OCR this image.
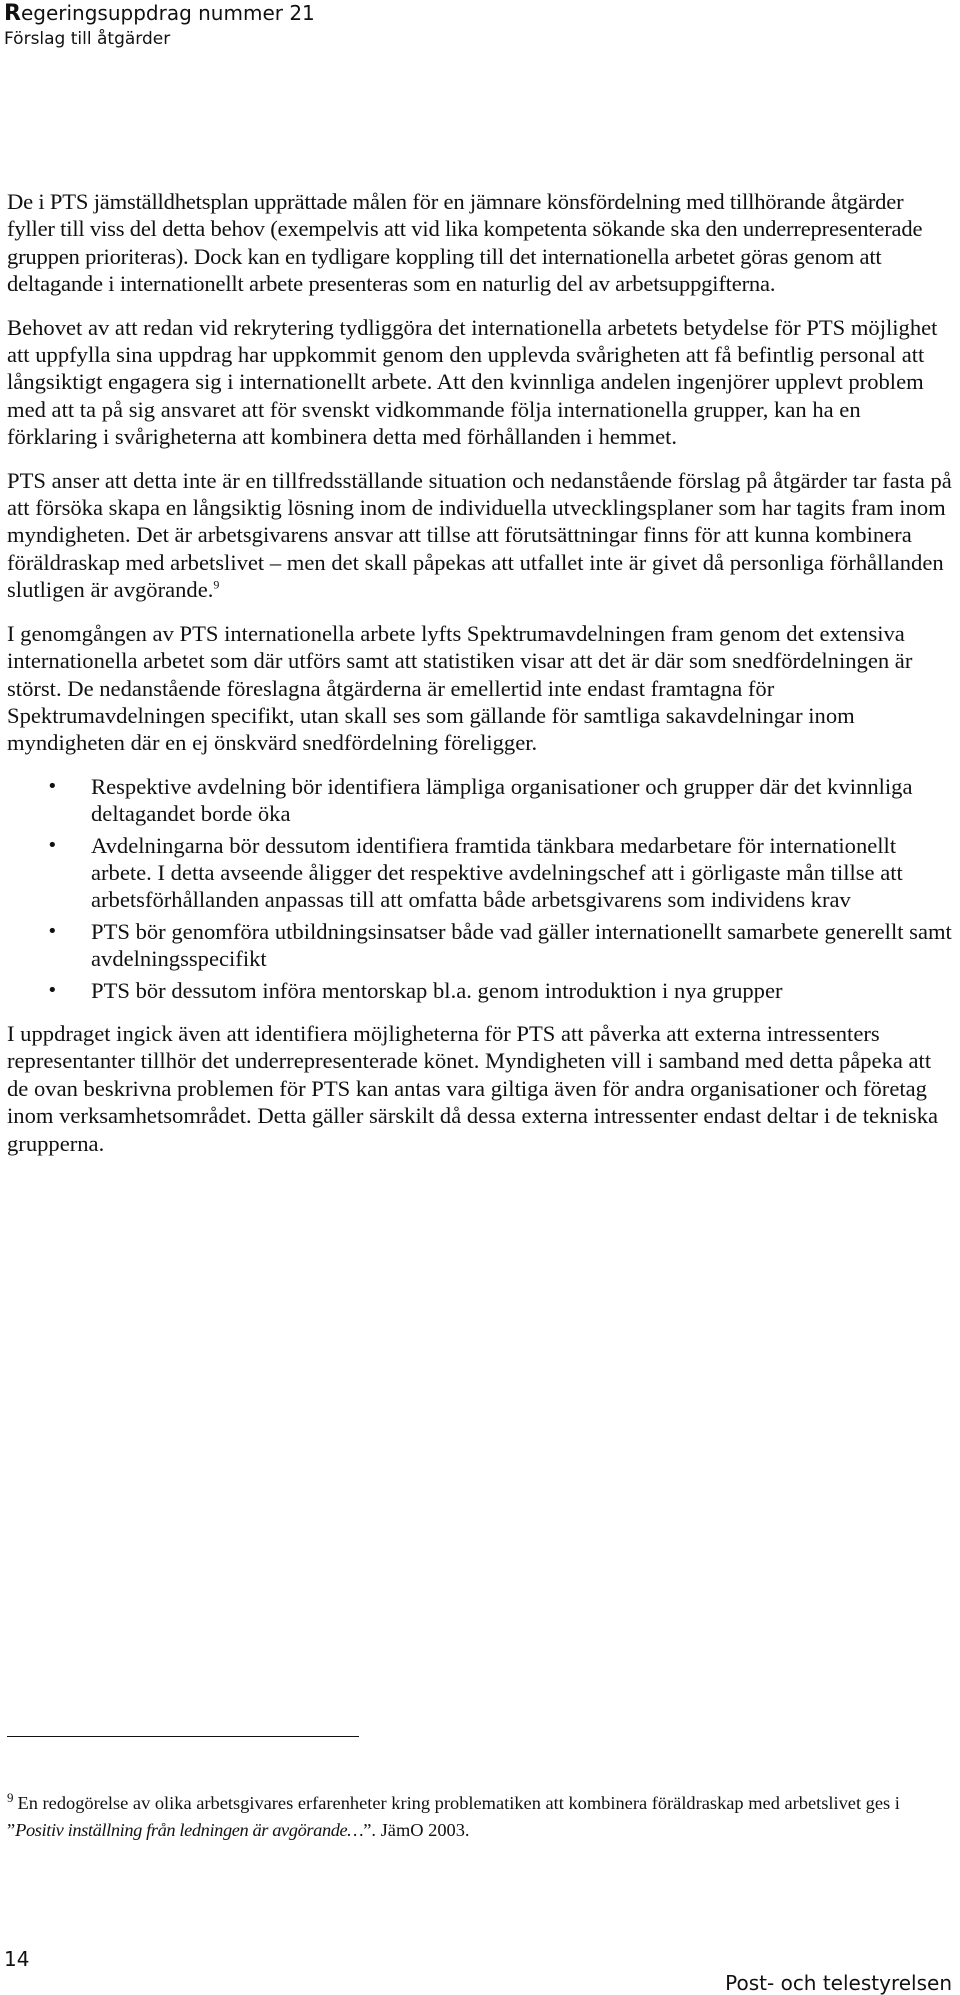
Regeringsuppdrag nummer 21
Förslag till åtgärder

De i PTS jämställdhetsplan upprättade målen för en jämnare könsfördelning med tillhörande åtgärder fyller till viss del detta behov (exempelvis att vid lika kompetenta sökande ska den underrepresenterade gruppen prioriteras). Dock kan en tydligare koppling till det internationella arbetet göras genom att deltagande i internationellt arbete presenteras som en naturlig del av arbetsuppgifterna.

Behovet av att redan vid rekrytering tydliggöra det internationella arbetets betydelse för PTS möjlighet att uppfylla sina uppdrag har uppkommit genom den upplevda svårigheten att få befintlig personal att långsiktigt engagera sig i internationellt arbete. Att den kvinnliga andelen ingenjörer upplevt problem med att ta på sig ansvaret att för svenskt vidkommande följa internationella grupper, kan ha en förklaring i svårigheterna att kombinera detta med förhållanden i hemmet.

PTS anser att detta inte är en tillfredsställande situation och nedanstående förslag på åtgärder tar fasta på att försöka skapa en långsiktig lösning inom de individuella utvecklingsplaner som har tagits fram inom myndigheten. Det är arbetsgivarens ansvar att tillse att förutsättningar finns för att kunna kombinera föräldraskap med arbetslivet – men det skall påpekas att utfallet inte är givet då personliga förhållanden slutligen är avgörande.$^9$

I genomgången av PTS internationella arbete lyfts Spektrumavdelningen fram genom det extensiva internationella arbetet som där utförs samt att statistiken visar att det är där som snedfördelningen är störst. De nedanstående föreslagna åtgärderna är emellertid inte endast framtagna för Spektrumavdelningen specifikt, utan skall ses som gällande för samtliga sakavdelningar inom myndigheten där en ej önskvärd snedfördelning föreligger.

• Respektive avdelning bör identifiera lämpliga organisationer och grupper där det kvinnliga deltagandet borde öka
• Avdelningarna bör dessutom identifiera framtida tänkbara medarbetare för internationellt arbete. I detta avseende åligger det respektive avdelningschef att i görligaste mån tillse att arbetsförhållanden anpassas till att omfatta både arbetsgivarens som individens krav
• PTS bör genomföra utbildningsinsatser både vad gäller internationellt samarbete generellt samt avdelningsspecifikt
• PTS bör dessutom införa mentorskap bl.a. genom introduktion i nya grupper

I uppdraget ingick även att identifiera möjligheterna för PTS att påverka att externa intressenters representanter tillhör det underrepresenterade könet. Myndigheten vill i samband med detta påpeka att de ovan beskrivna problemen för PTS kan antas vara giltiga även för andra organisationer och företag inom verksamhetsområdet. Detta gäller särskilt då dessa externa intressenter endast deltar i de tekniska grupperna.

$^9$ En redogörelse av olika arbetsgivares erfarenheter kring problematiken att kombinera föräldraskap med arbetslivet ges i ”Positiv inställning från ledningen är avgörande…”. JämO 2003.
14
Post- och telestyrelsen
